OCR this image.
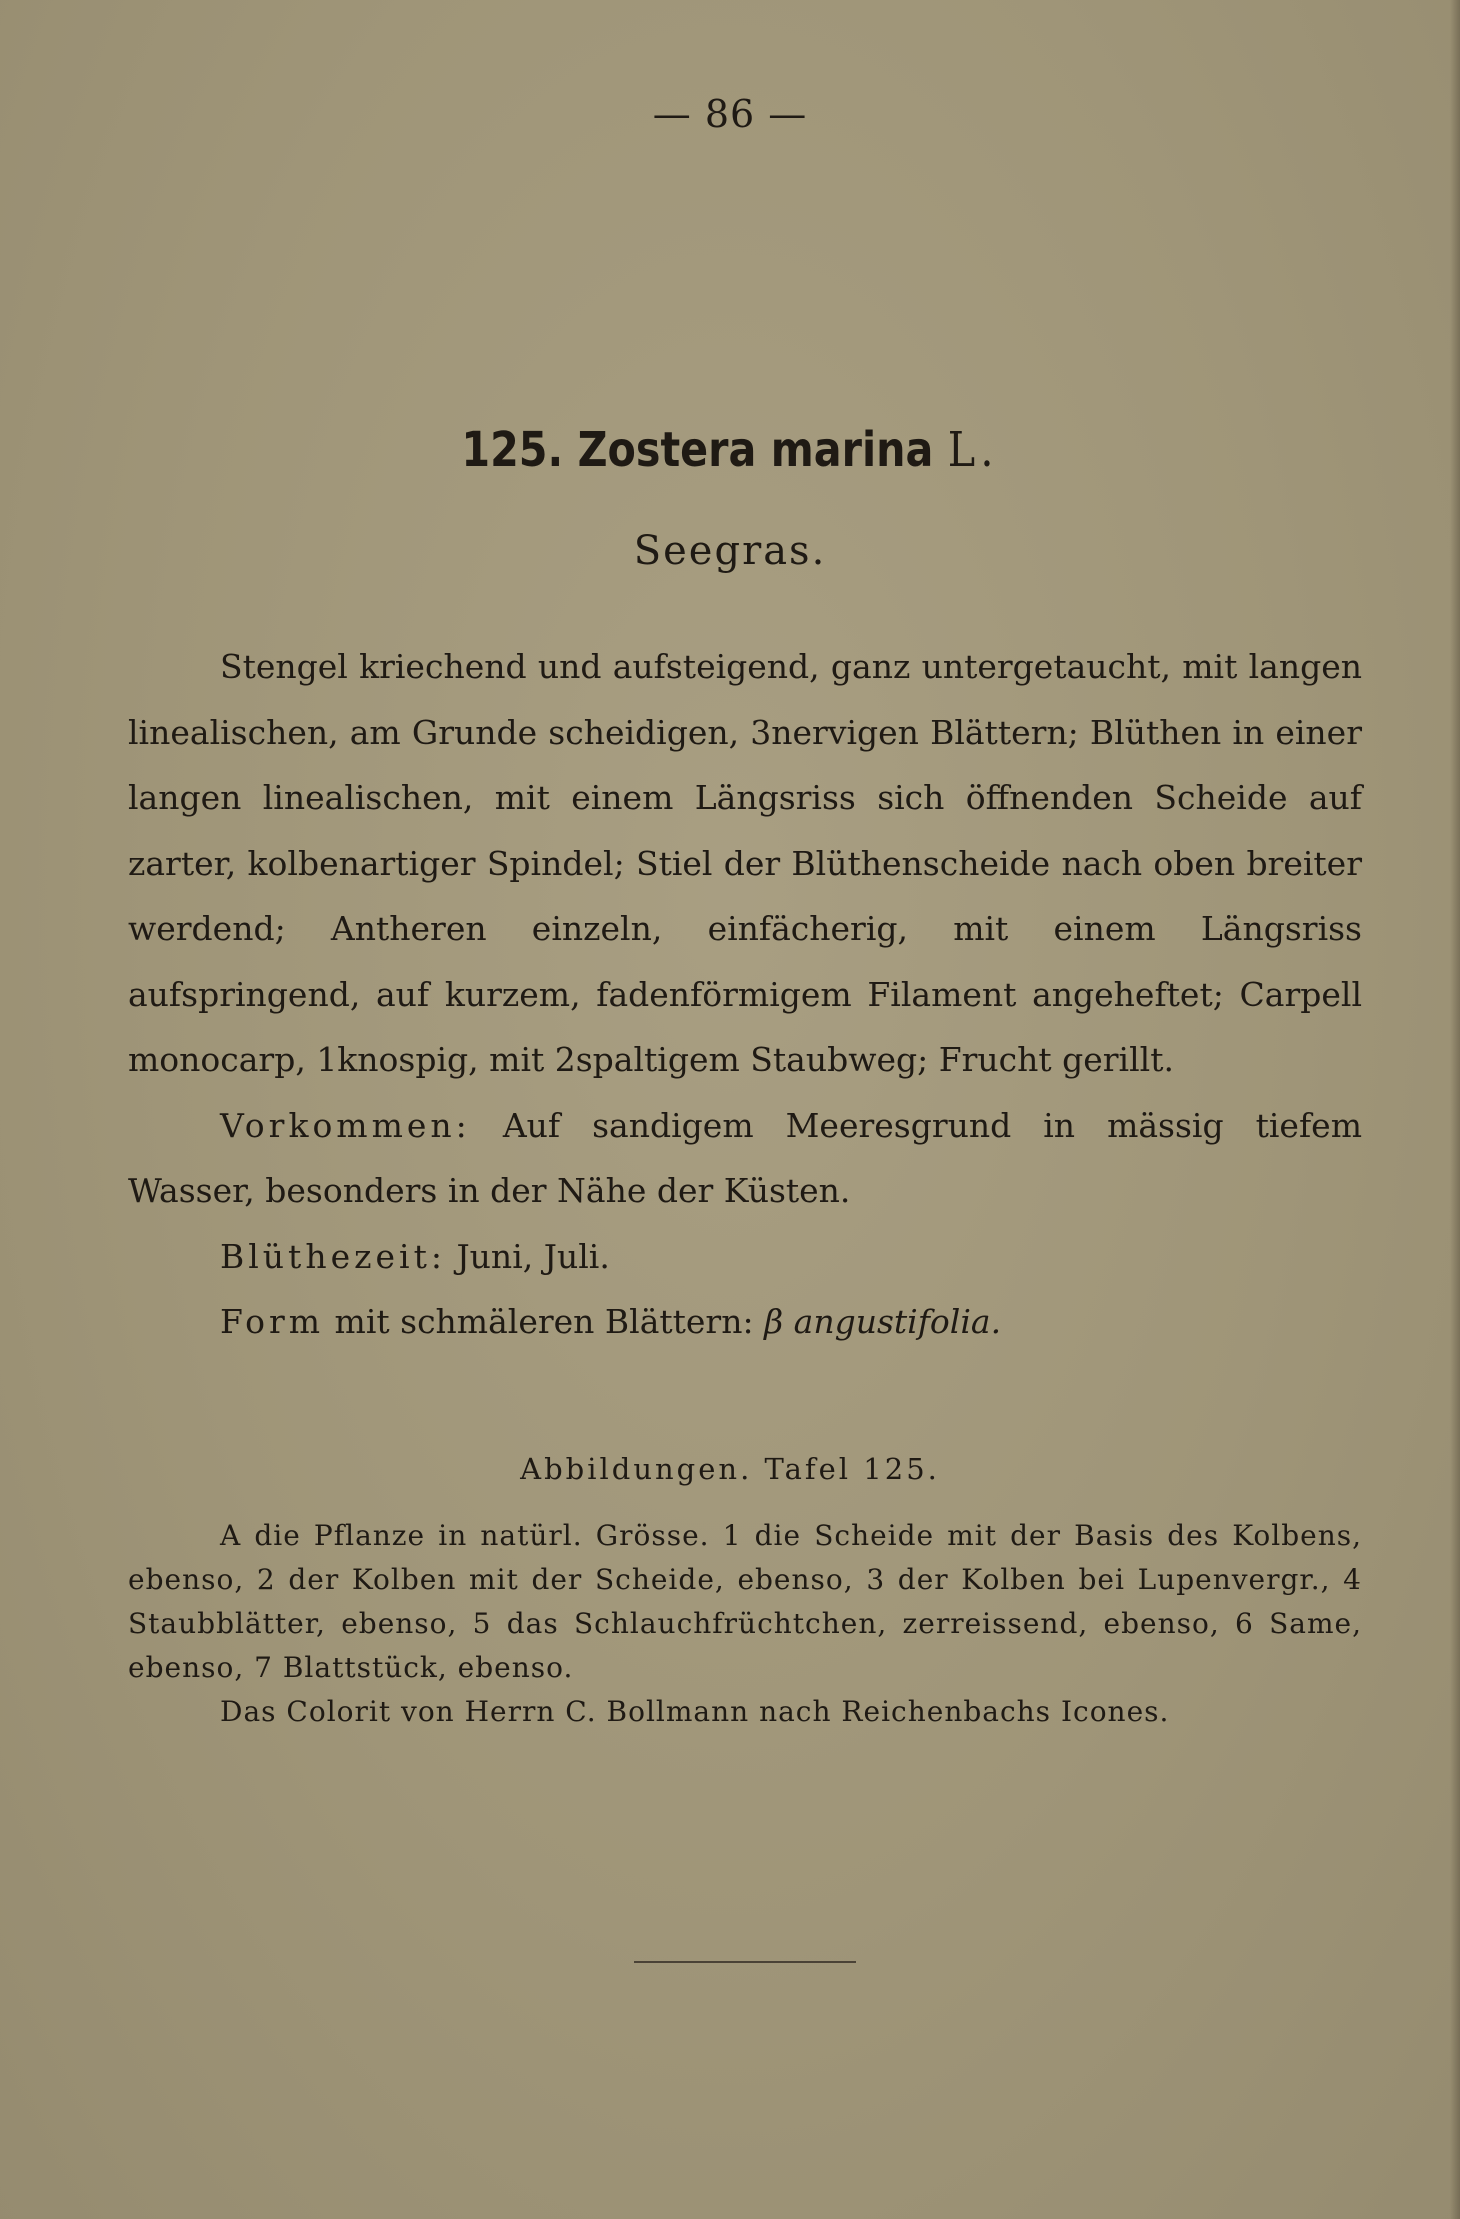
— 86 —
125. Zostera marina L.
Seegras.

Stengel kriechend und aufsteigend, ganz untergetaucht, mit langen linealischen, am Grunde scheidigen, 3nervigen Blättern; Blüthen in einer langen linealischen, mit einem Längsriss sich öffnenden Scheide auf zarter, kolbenartiger Spindel; Stiel der Blüthenscheide nach oben breiter werdend; Antheren einzeln, einfächerig, mit einem Längsriss aufspringend, auf kurzem, fadenförmigem Filament angeheftet; Carpell monocarp, 1knospig, mit 2spaltigem Staubweg; Frucht gerillt.

Vorkommen: Auf sandigem Meeresgrund in mässig tiefem Wasser, besonders in der Nähe der Küsten.

Blüthezeit: Juni, Juli.

Form mit schmäleren Blättern: β angustifolia.

Abbildungen. Tafel 125.

A die Pflanze in natürl. Grösse. 1 die Scheide mit der Basis des Kolbens, ebenso, 2 der Kolben mit der Scheide, ebenso, 3 der Kolben bei Lupenvergr., 4 Staubblätter, ebenso, 5 das Schlauchfrüchtchen, zerreissend, ebenso, 6 Same, ebenso, 7 Blattstück, ebenso.

Das Colorit von Herrn C. Bollmann nach Reichenbachs Icones.
